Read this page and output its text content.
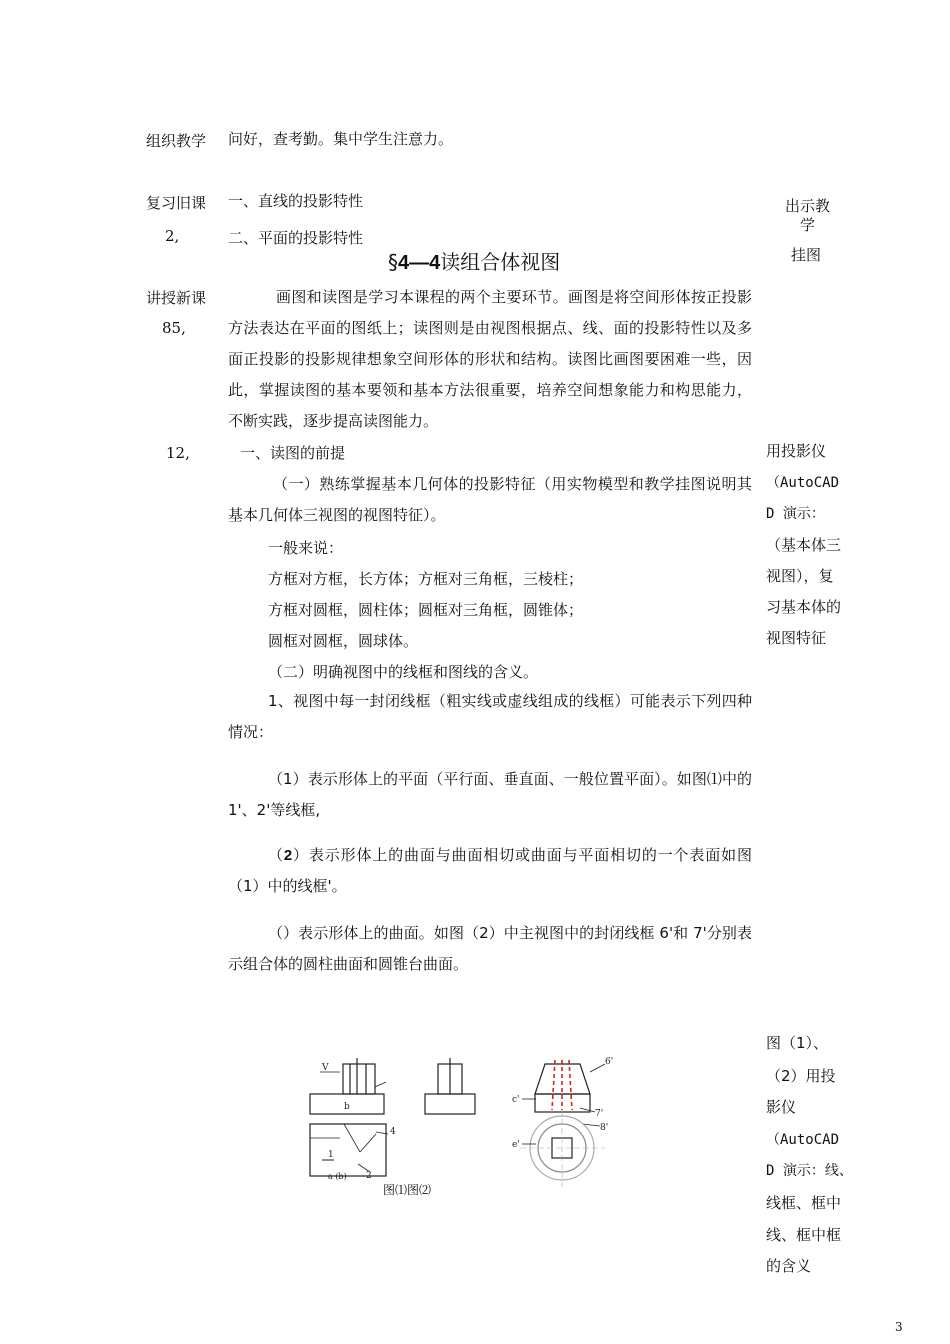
组织教学
复习旧课
2,
讲授新课
85,
12,
问好，查考勤。集中学生注意力。
一、直线的投影特性
二、平面的投影特性
§4—4读组合体视图
画图和读图是学习本课程的两个主要环节。画图是将空间形体按正投影方法表达在平面的图纸上；读图则是由视图根据点、线、面的投影特性以及多面正投影的投影规律想象空间形体的形状和结构。读图比画图要困难一些，因此，掌握读图的基本要领和基本方法很重要，培养空间想象能力和构思能力，不断实践，逐步提高读图能力。
一、读图的前提
（一）熟练掌握基本几何体的投影特征（用实物模型和教学挂图说明其基本几何体三视图的视图特征）。
一般来说：
方框对方框，长方体；方框对三角框，三棱柱；
方框对圆框，圆柱体；圆框对三角框，圆锥体；
圆框对圆框，圆球体。
（二）明确视图中的线框和图线的含义。
1、视图中每一封闭线框（粗实线或虚线组成的线框）可能表示下列四种情况：
（1）表示形体上的平面（平行面、垂直面、一般位置平面）。如图⑴中的 1'、2'等线框,
（2）表示形体上的曲面与曲面相切或曲面与平面相切的一个表面如图（1）中的线框'。
（）表示形体上的曲面。如图（2）中主视图中的封闭线框 6'和 7'分别表示组合体的圆柱曲面和圆锥台曲面。
出示教
学
挂图
用投影仪
（AutoCAD
D 演示：
（基本体三
视图），复
习基本体的
视图特征
图（1）、
（2）用投
影仪
（AutoCAD
D 演示：线、
线框、框中
线、框中框
的含义
V
b
4
1
2
a (b)
6'
c'
7'
8'
e'
图⑴图⑵
3
